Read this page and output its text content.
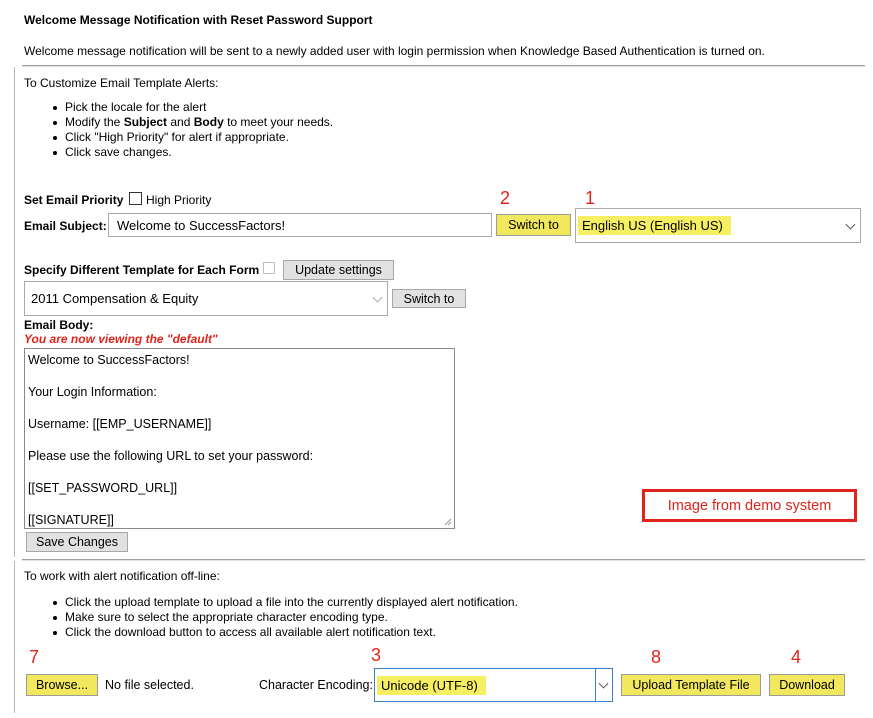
Welcome Message Notification with Reset Password Support
Welcome message notification will be sent to a newly added user with login permission when Knowledge Based Authentication is turned on.
To Customize Email Template Alerts:
Pick the locale for the alert
Modify the Subject and Body to meet your needs.
Click "High Priority" for alert if appropriate.
Click save changes.
2	1
Set Email Priority High Priority
Email Subject: Welcome to SuccessFactors!	Switch to	English US (English US)
Specify Different Template for Each Form	Update settings
2011 Compensation & Equity	Switch to
Email Body:
You are now viewing the "default"
Welcome to SuccessFactors!

Your Login Information:

Username: [[EMP_USERNAME]]

Please use the following URL to set your password:

[[SET_PASSWORD_URL]]

[[SIGNATURE]]
Save Changes
Image from demo system
To work with alert notification off-line:
Click the upload template to upload a file into the currently displayed alert notification.
Make sure to select the appropriate character encoding type.
Click the download button to access all available alert notification text.
7	3	8	4
Browse...	No file selected.	Character Encoding: Unicode (UTF-8)	Upload Template File	Download
